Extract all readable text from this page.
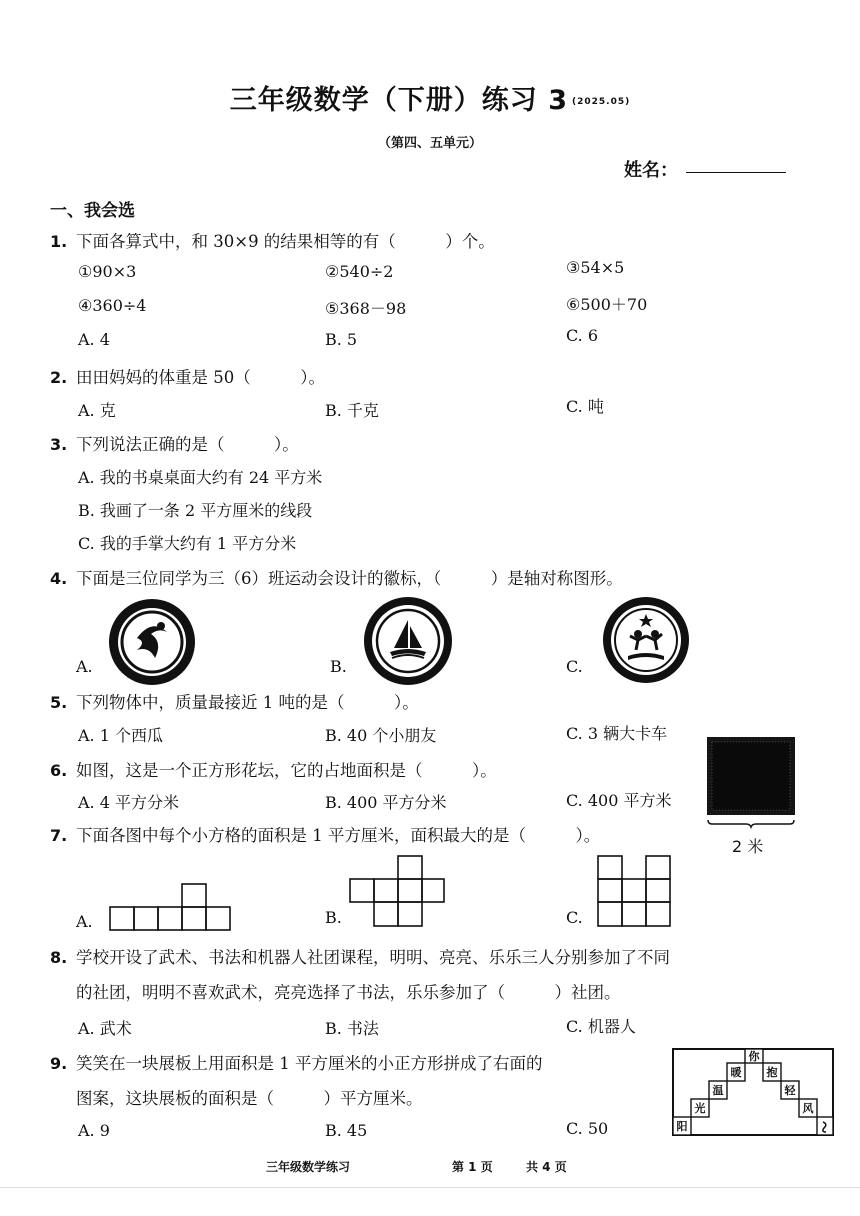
三年级数学（下册）练习 3 (2025.05)
（第四、五单元）
姓名：
一、我会选
1. 下面各算式中，和 30×9 的结果相等的有（　　　）个。
①90×3	②540÷2	③54×5
④360÷4	⑤368－98	⑥500＋70
A. 4	B. 5	C. 6
2. 田田妈妈的体重是 50（　　　）。
A. 克	B. 千克	C. 吨
3. 下列说法正确的是（　　　）。
A. 我的书桌桌面大约有 24 平方米
B. 我画了一条 2 平方厘米的线段
C. 我的手掌大约有 1 平方分米
4. 下面是三位同学为三（6）班运动会设计的徽标，（　　　）是轴对称图形。
A.	B.	C.
5. 下列物体中，质量最接近 1 吨的是（　　　）。
A. 1 个西瓜	B. 40 个小朋友	C. 3 辆大卡车
6. 如图，这是一个正方形花坛，它的占地面积是（　　　）。
A. 4 平方分米	B. 400 平方分米	C. 400 平方米
2 米
7. 下面各图中每个小方格的面积是 1 平方厘米，面积最大的是（　　　）。
A.	B.	C.
8. 学校开设了武术、书法和机器人社团课程，明明、亮亮、乐乐三人分别参加了不同
的社团，明明不喜欢武术，亮亮选择了书法，乐乐参加了（　　　）社团。
A. 武术	B. 书法	C. 机器人
9. 笑笑在一块展板上用面积是 1 平方厘米的小正方形拼成了右面的
图案，这块展板的面积是（　　　）平方厘米。
A. 9	B. 45	C. 50	阳
光
温
暖
你
抱
轻
风
三年级数学练习	第 1 页	共 4 页
